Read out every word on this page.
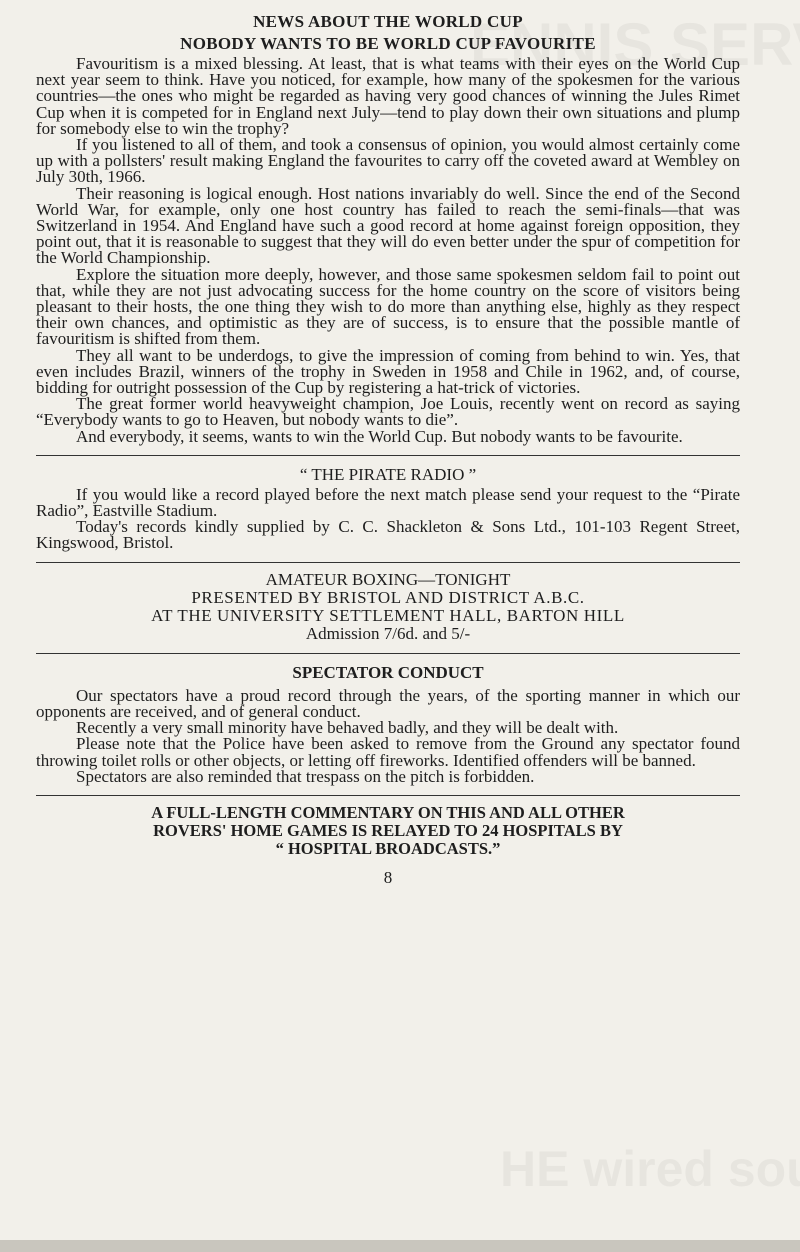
NEWS ABOUT THE WORLD CUP
NOBODY WANTS TO BE WORLD CUP FAVOURITE

Favouritism is a mixed blessing. At least, that is what teams with their eyes on the World Cup next year seem to think. Have you noticed, for example, how many of the spokesmen for the various countries—the ones who might be regarded as having very good chances of winning the Jules Rimet Cup when it is competed for in England next July—tend to play down their own situations and plump for somebody else to win the trophy?

If you listened to all of them, and took a consensus of opinion, you would almost certainly come up with a pollsters' result making England the favourites to carry off the coveted award at Wembley on July 30th, 1966.

Their reasoning is logical enough. Host nations invariably do well. Since the end of the Second World War, for example, only one host country has failed to reach the semi-finals—that was Switzerland in 1954. And England have such a good record at home against foreign opposition, they point out, that it is reasonable to suggest that they will do even better under the spur of competition for the World Championship.

Explore the situation more deeply, however, and those same spokesmen seldom fail to point out that, while they are not just advocating success for the home country on the score of visitors being pleasant to their hosts, the one thing they wish to do more than anything else, highly as they respect their own chances, and optimistic as they are of success, is to ensure that the possible mantle of favouritism is shifted from them.

They all want to be underdogs, to give the impression of coming from behind to win. Yes, that even includes Brazil, winners of the trophy in Sweden in 1958 and Chile in 1962, and, of course, bidding for outright possession of the Cup by registering a hat-trick of victories.

The great former world heavyweight champion, Joe Louis, recently went on record as saying “Everybody wants to go to Heaven, but nobody wants to die”.

And everybody, it seems, wants to win the World Cup. But nobody wants to be favourite.

“ THE PIRATE RADIO ”

If you would like a record played before the next match please send your request to the “Pirate Radio”, Eastville Stadium.

Today's records kindly supplied by C. C. Shackleton & Sons Ltd., 101-103 Regent Street, Kingswood, Bristol.

AMATEUR BOXING—TONIGHT
PRESENTED BY BRISTOL AND DISTRICT A.B.C.
AT THE UNIVERSITY SETTLEMENT HALL, BARTON HILL
Admission 7/6d. and 5/-
SPECTATOR CONDUCT

Our spectators have a proud record through the years, of the sporting manner in which our opponents are received, and of general conduct.

Recently a very small minority have behaved badly, and they will be dealt with.

Please note that the Police have been asked to remove from the Ground any spectator found throwing toilet rolls or other objects, or letting off fireworks. Identified offenders will be banned.

Spectators are also reminded that trespass on the pitch is forbidden.

A FULL-LENGTH COMMENTARY ON THIS AND ALL OTHER
ROVERS' HOME GAMES IS RELAYED TO 24 HOSPITALS BY
“ HOSPITAL BROADCASTS.”
8
